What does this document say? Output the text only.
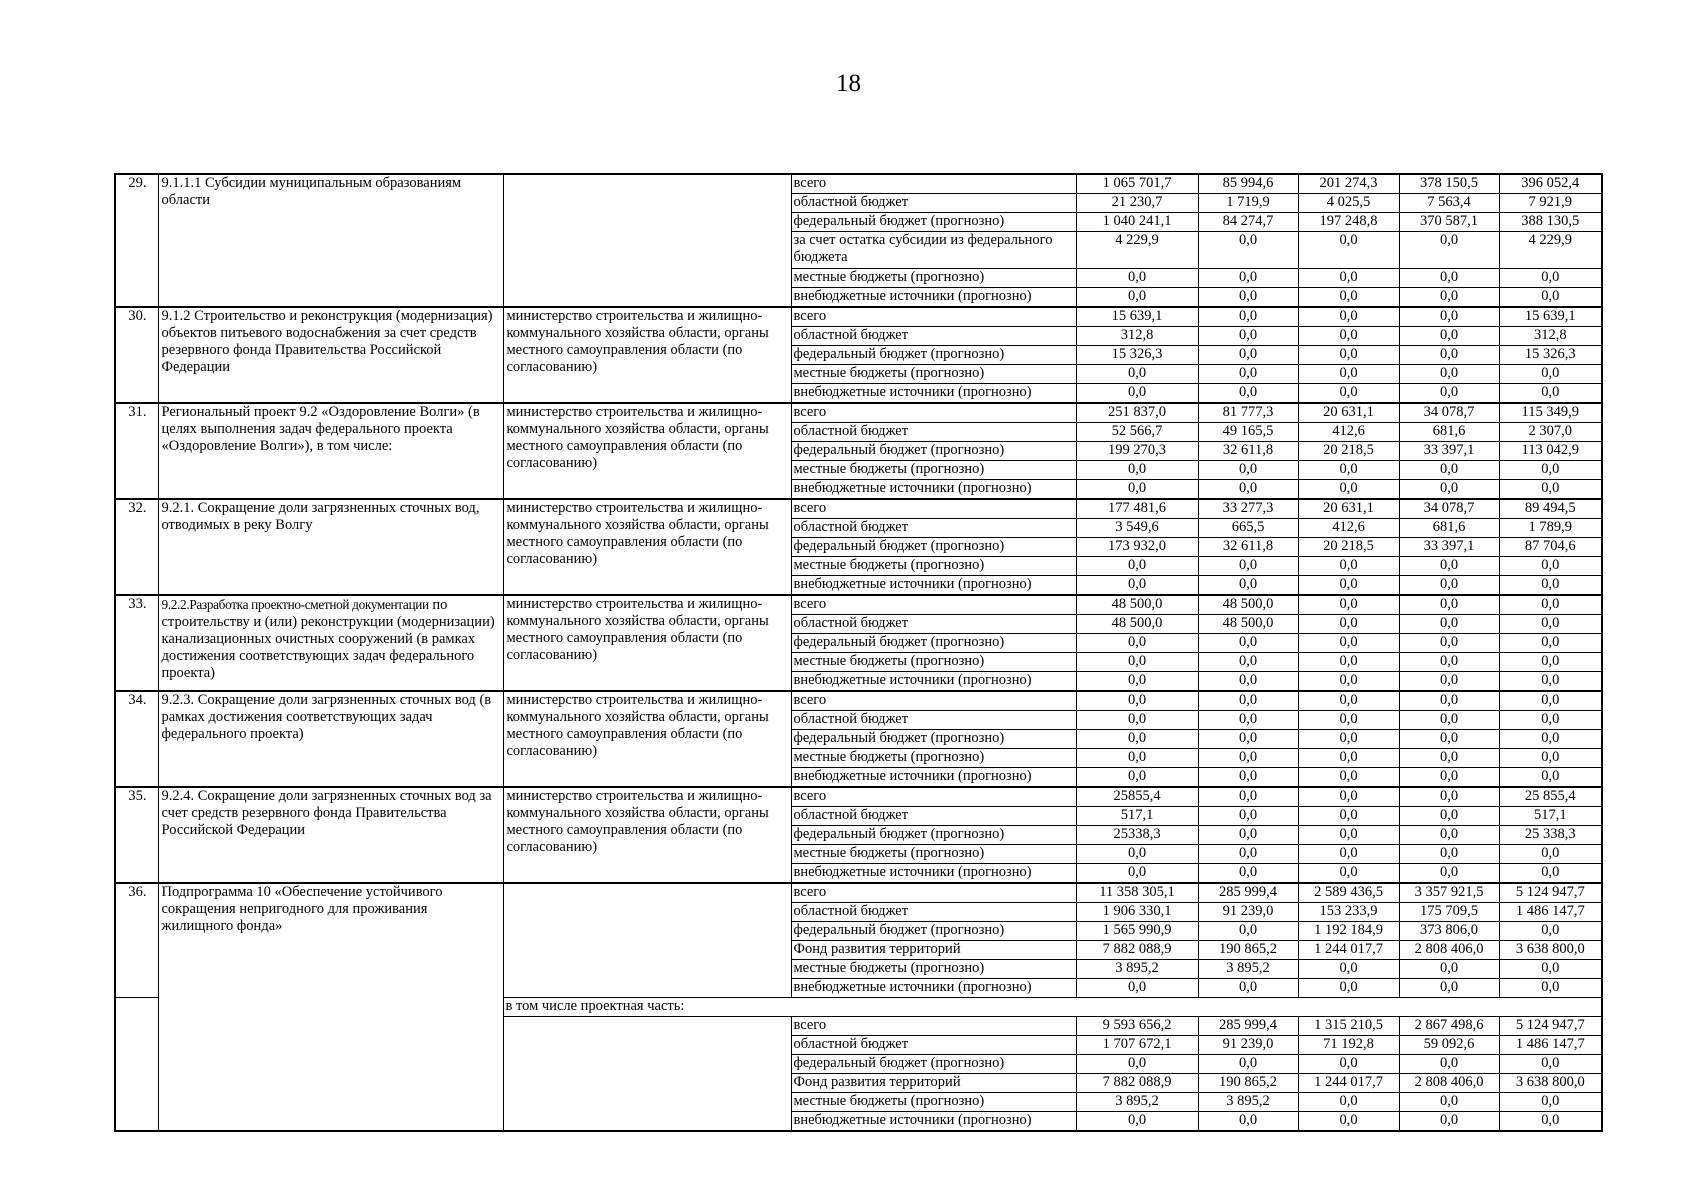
18
29.	9.1.1.1 Субсидии муниципальным образованиям области		всего	1 065 701,7	85 994,6	201 274,3	378 150,5	396 052,4
			областной бюджет	21 230,7	1 719,9	4 025,5	7 563,4	7 921,9
			федеральный бюджет (прогнозно)	1 040 241,1	84 274,7	197 248,8	370 587,1	388 130,5
			за счет остатка субсидии из федерального бюджета	4 229,9	0,0	0,0	0,0	4 229,9
			местные бюджеты (прогнозно)	0,0	0,0	0,0	0,0	0,0
			внебюджетные источники (прогнозно)	0,0	0,0	0,0	0,0	0,0
30.	9.1.2 Строительство и реконструкция (модернизация) объектов питьевого водоснабжения за счет средств резервного фонда Правительства Российской Федерации	министерство строительства и жилищно-коммунального хозяйства области, органы местного самоуправления области (по согласованию)	всего	15 639,1	0,0	0,0	0,0	15 639,1
			областной бюджет	312,8	0,0	0,0	0,0	312,8
			федеральный бюджет (прогнозно)	15 326,3	0,0	0,0	0,0	15 326,3
			местные бюджеты (прогнозно)	0,0	0,0	0,0	0,0	0,0
			внебюджетные источники (прогнозно)	0,0	0,0	0,0	0,0	0,0
31.	Региональный проект 9.2 «Оздоровление Волги» (в целях выполнения задач федерального проекта «Оздоровление Волги»), в том числе:	министерство строительства и жилищно-коммунального хозяйства области, органы местного самоуправления области (по согласованию)	всего	251 837,0	81 777,3	20 631,1	34 078,7	115 349,9
			областной бюджет	52 566,7	49 165,5	412,6	681,6	2 307,0
			федеральный бюджет (прогнозно)	199 270,3	32 611,8	20 218,5	33 397,1	113 042,9
			местные бюджеты (прогнозно)	0,0	0,0	0,0	0,0	0,0
			внебюджетные источники (прогнозно)	0,0	0,0	0,0	0,0	0,0
32.	9.2.1. Сокращение доли загрязненных сточных вод, отводимых в реку Волгу	министерство строительства и жилищно-коммунального хозяйства области, органы местного самоуправления области (по согласованию)	всего	177 481,6	33 277,3	20 631,1	34 078,7	89 494,5
			областной бюджет	3 549,6	665,5	412,6	681,6	1 789,9
			федеральный бюджет (прогнозно)	173 932,0	32 611,8	20 218,5	33 397,1	87 704,6
			местные бюджеты (прогнозно)	0,0	0,0	0,0	0,0	0,0
			внебюджетные источники (прогнозно)	0,0	0,0	0,0	0,0	0,0
33.	9.2.2.Разработка проектно-сметной документации по строительству и (или) реконструкции (модернизации) канализационных очистных сооружений (в рамках достижения соответствующих задач федерального проекта)	министерство строительства и жилищно-коммунального хозяйства области, органы местного самоуправления области (по согласованию)	всего	48 500,0	48 500,0	0,0	0,0	0,0
			областной бюджет	48 500,0	48 500,0	0,0	0,0	0,0
			федеральный бюджет (прогнозно)	0,0	0,0	0,0	0,0	0,0
			местные бюджеты (прогнозно)	0,0	0,0	0,0	0,0	0,0
			внебюджетные источники (прогнозно)	0,0	0,0	0,0	0,0	0,0
34.	9.2.3. Сокращение доли загрязненных сточных вод (в рамках достижения соответствующих задач федерального проекта)	министерство строительства и жилищно-коммунального хозяйства области, органы местного самоуправления области (по согласованию)	всего	0,0	0,0	0,0	0,0	0,0
			областной бюджет	0,0	0,0	0,0	0,0	0,0
			федеральный бюджет (прогнозно)	0,0	0,0	0,0	0,0	0,0
			местные бюджеты (прогнозно)	0,0	0,0	0,0	0,0	0,0
			внебюджетные источники (прогнозно)	0,0	0,0	0,0	0,0	0,0
35.	9.2.4. Сокращение доли загрязненных сточных вод за счет средств резервного фонда Правительства Российской Федерации	министерство строительства и жилищно-коммунального хозяйства области, органы местного самоуправления области (по согласованию)	всего	25855,4	0,0	0,0	0,0	25 855,4
			областной бюджет	517,1	0,0	0,0	0,0	517,1
			федеральный бюджет (прогнозно)	25338,3	0,0	0,0	0,0	25 338,3
			местные бюджеты (прогнозно)	0,0	0,0	0,0	0,0	0,0
			внебюджетные источники (прогнозно)	0,0	0,0	0,0	0,0	0,0
36.	Подпрограмма 10 «Обеспечение устойчивого сокращения непригодного для проживания жилищного фонда»		всего	11 358 305,1	285 999,4	2 589 436,5	3 357 921,5	5 124 947,7
			областной бюджет	1 906 330,1	91 239,0	153 233,9	175 709,5	1 486 147,7
			федеральный бюджет (прогнозно)	1 565 990,9	0,0	1 192 184,9	373 806,0	0,0
			Фонд развития территорий	7 882 088,9	190 865,2	1 244 017,7	2 808 406,0	3 638 800,0
			местные бюджеты (прогнозно)	3 895,2	3 895,2	0,0	0,0	0,0
			внебюджетные источники (прогнозно)	0,0	0,0	0,0	0,0	0,0
		в том числе проектная часть:						
			всего	9 593 656,2	285 999,4	1 315 210,5	2 867 498,6	5 124 947,7
			областной бюджет	1 707 672,1	91 239,0	71 192,8	59 092,6	1 486 147,7
			федеральный бюджет (прогнозно)	0,0	0,0	0,0	0,0	0,0
			Фонд развития территорий	7 882 088,9	190 865,2	1 244 017,7	2 808 406,0	3 638 800,0
			местные бюджеты (прогнозно)	3 895,2	3 895,2	0,0	0,0	0,0
			внебюджетные источники (прогнозно)	0,0	0,0	0,0	0,0	0,0
